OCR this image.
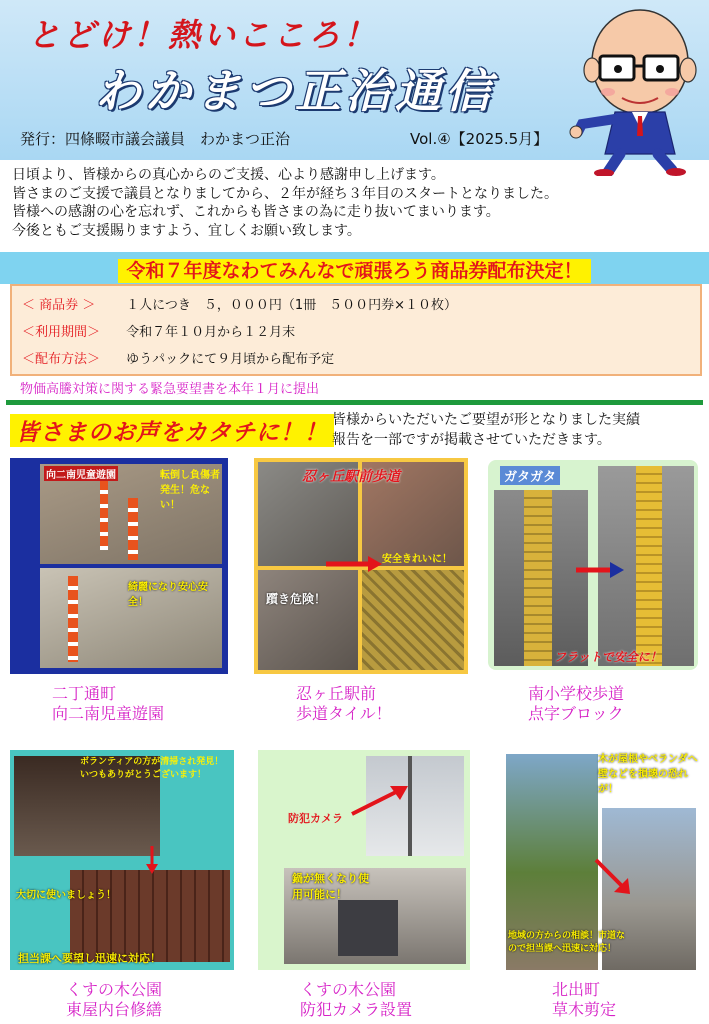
とどけ！熱いこころ！
わかまつ正治通信
発行：四條畷市議会議員　わかまつ正治	Vol.④【2025.5月】
日頃より、皆様からの真心からのご支援、心より感謝申し上げます。
皆さまのご支援で議員となりましてから、２年が経ち３年目のスタートとなりました。
皆様への感謝の心を忘れず、これからも皆さまの為に走り抜いてまいります。
今後ともご支援賜りますよう、宜しくお願い致します。
令和７年度なわてみんなで頑張ろう商品券配布決定！
＜ 商品券 ＞ １人につき　５，０００円（1冊　５００円券×１０枚）
＜利用期間＞ 令和７年１０月から１２月末
＜配布方法＞ ゆうパックにて９月頃から配布予定
物価高騰対策に関する緊急要望書を本年１月に提出
皆さまのお声をカタチに！！ 皆様からいただいたご要望が形となりました実績
報告を一部ですが掲載させていただきます。
向二南児童遊園	転倒し負傷者発生！危ない！
綺麗になり安心安全！
二丁通町
向二南児童遊園
忍ヶ丘駅前歩道
安全きれいに！
躓き危険！
忍ヶ丘駅前
歩道タイル！
ガタガタ
フラットで安全に！
南小学校歩道
点字ブロック
ボランティアの方が清掃され発見！いつもありがとうございます！
大切に使いましょう！
担当課へ要望し迅速に対応！
くすの木公園
東屋内台修繕
防犯カメラ
鍋が無くなり使用可能に！
くすの木公園
防犯カメラ設置
木が屋根やベランダへ壁などを損壊の恐れが！
地域の方からの相談！市道なので担当課へ迅速に対応！
北出町
草木剪定
